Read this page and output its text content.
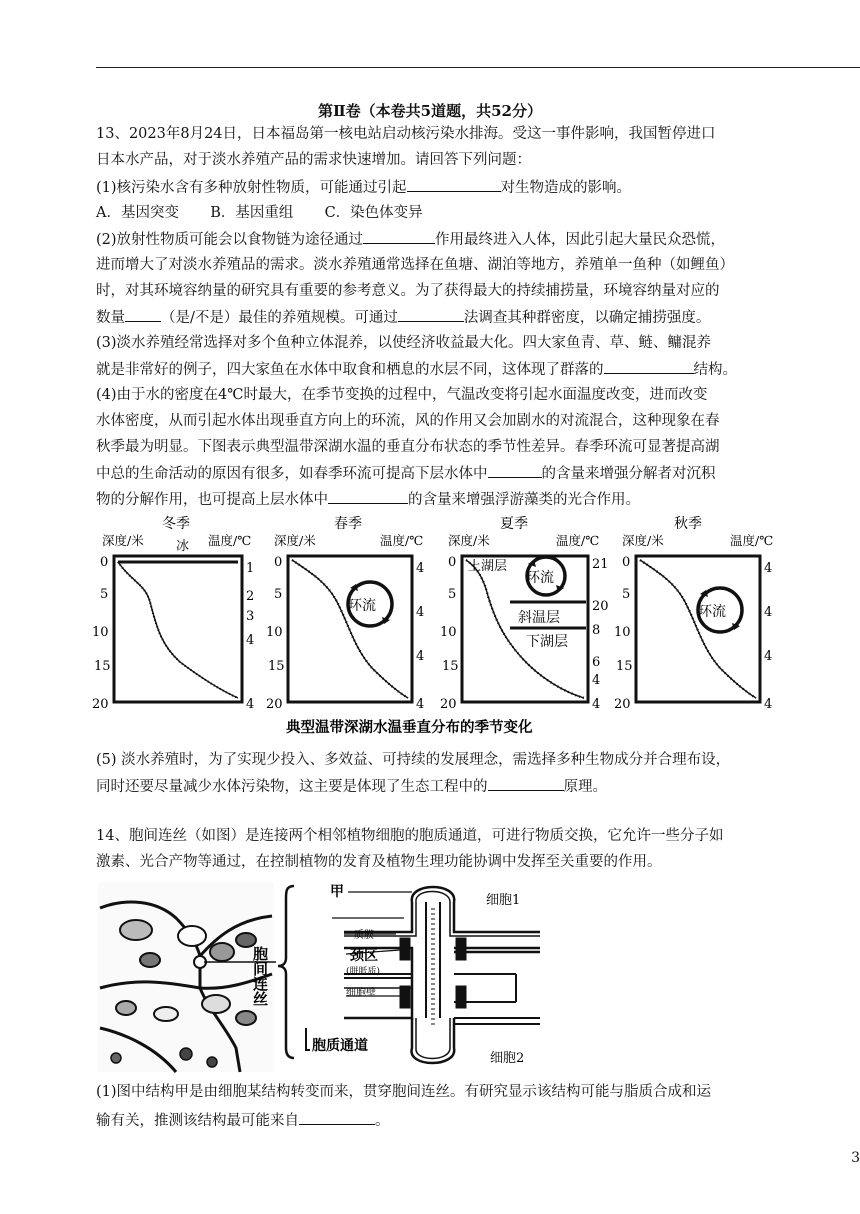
第Ⅱ卷（本卷共5道题，共52分）
13、2023年8月24日，日本福岛第一核电站启动核污染水排海。受这一事件影响，我国暂停进口
日本水产品，对于淡水养殖产品的需求快速增加。请回答下列问题：
(1)核污染水含有多种放射性物质，可能通过引起	对生物造成的影响。
A．基因突变 B．基因重组 C．染色体变异
(2)放射性物质可能会以食物链为途径通过	作用最终进入人体，因此引起大量民众恐慌，
进而增大了对淡水养殖品的需求。淡水养殖通常选择在鱼塘、湖泊等地方，养殖单一鱼种（如鲤鱼）
时，对其环境容纳量的研究具有重要的参考意义。为了获得最大的持续捕捞量，环境容纳量对应的
数量 （是/不是）最佳的养殖规模。可通过	法调查其种群密度，以确定捕捞强度。
(3)淡水养殖经常选择对多个鱼种立体混养，以使经济收益最大化。四大家鱼青、草、鲢、鳙混养
就是非常好的例子，四大家鱼在水体中取食和栖息的水层不同，这体现了群落的	结构。
(4)由于水的密度在4℃时最大，在季节变换的过程中，气温改变将引起水面温度改变，进而改变
水体密度，从而引起水体出现垂直方向上的环流，风的作用又会加剧水的对流混合，这种现象在春
秋季最为明显。下图表示典型温带深湖水温的垂直分布状态的季节性差异。春季环流可显著提高湖
中总的生命活动的原因有很多，如春季环流可提高下层水体中	的含量来增强分解者对沉积
物的分解作用，也可提高上层水体中	的含量来增强浮游藻类的光合作用。
冬季
深度/米 冰 温度/℃
0
5
10
15
20
1
2
3
4
4
春季
深度/米	温度/℃
环流
0
5
10
15
20
4
4
4
4
夏季
深度/米	温度/℃
上湖层
环流
斜温层
下湖层
0
5
10
15
20
21
20
8
6
4
4
秋季
深度/米	温度/℃
环流
0
5
10
15
20
4
4
4
4
典型温带深湖水温垂直分布的季节变化
(5) 淡水养殖时，为了实现少投入、多效益、可持续的发展理念，需选择多种生物成分并合理布设，
同时还要尽量减少水体污染物，这主要是体现了生态工程中的	原理。
14、胞间连丝（如图）是连接两个相邻植物细胞的胞质通道，可进行物质交换，它允许一些分子如
激素、光合产物等通过，在控制植物的发育及植物生理功能协调中发挥至关重要的作用。
甲
胞间连丝
甲
细胞1
质膜
颈区
(胼胝质)
细胞壁
胞质通道
细胞2
(1)图中结构甲是由细胞某结构转变而来，贯穿胞间连丝。有研究显示该结构可能与脂质合成和运
输有关，推测该结构最可能来自	。
3
